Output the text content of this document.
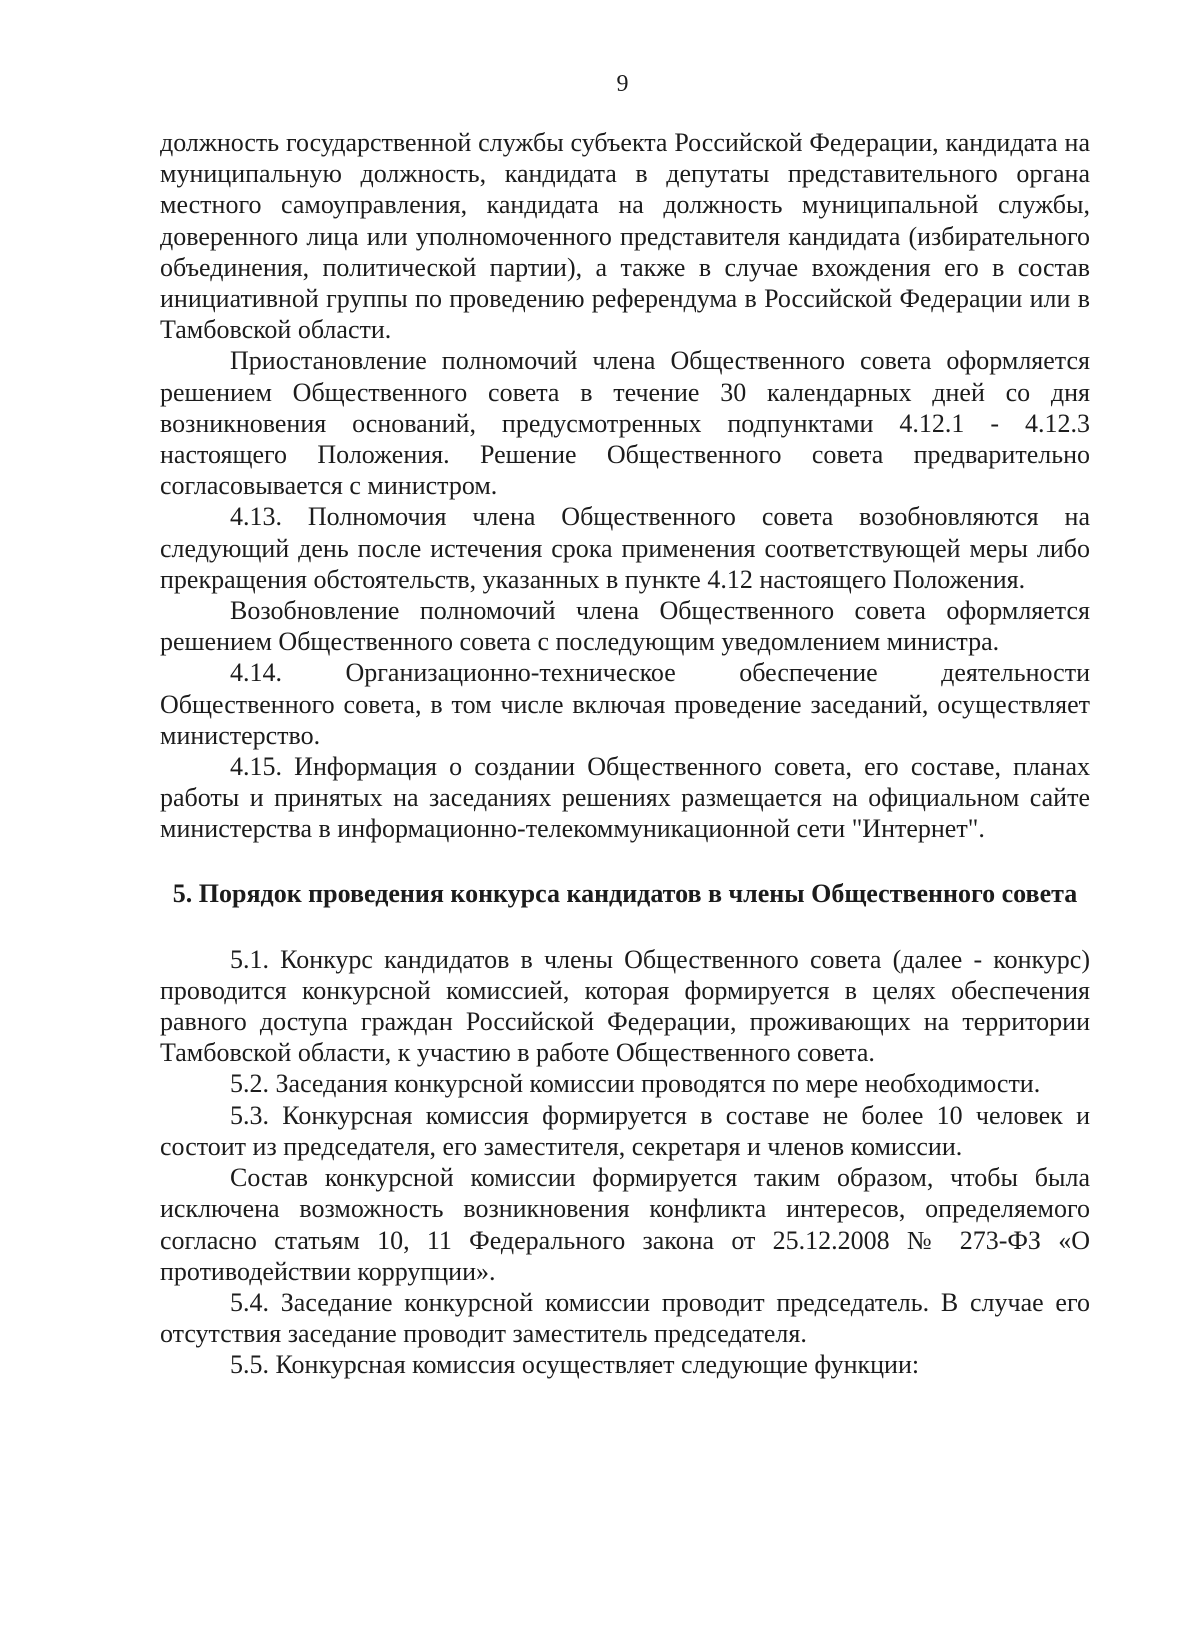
9

должность государственной службы субъекта Российской Федерации, кандидата на муниципальную должность, кандидата в депутаты представительного органа местного самоуправления, кандидата на должность муниципальной службы, доверенного лица или уполномоченного представителя кандидата (избирательного объединения, политической партии), а также в случае вхождения его в состав инициативной группы по проведению референдума в Российской Федерации или в Тамбовской области.

Приостановление полномочий члена Общественного совета оформляется решением Общественного совета в течение 30 календарных дней со дня возникновения оснований, предусмотренных подпунктами 4.12.1 - 4.12.3 настоящего Положения. Решение Общественного совета предварительно согласовывается с министром.

4.13. Полномочия члена Общественного совета возобновляются на следующий день после истечения срока применения соответствующей меры либо прекращения обстоятельств, указанных в пункте 4.12 настоящего Положения.

Возобновление полномочий члена Общественного совета оформляется решением Общественного совета с последующим уведомлением министра.

4.14. Организационно-техническое обеспечение деятельности Общественного совета, в том числе включая проведение заседаний, осуществляет министерство.

4.15. Информация о создании Общественного совета, его составе, планах работы и принятых на заседаниях решениях размещается на официальном сайте министерства в информационно-телекоммуникационной сети "Интернет".

5. Порядок проведения конкурса кандидатов в члены Общественного совета

5.1. Конкурс кандидатов в члены Общественного совета (далее - конкурс) проводится конкурсной комиссией, которая формируется в целях обеспечения равного доступа граждан Российской Федерации, проживающих на территории Тамбовской области, к участию в работе Общественного совета.

5.2. Заседания конкурсной комиссии проводятся по мере необходимости.

5.3. Конкурсная комиссия формируется в составе не более 10 человек и состоит из председателя, его заместителя, секретаря и членов комиссии.

Состав конкурсной комиссии формируется таким образом, чтобы была исключена возможность возникновения конфликта интересов, определяемого согласно статьям 10, 11 Федерального закона от 25.12.2008 № 273-ФЗ «О противодействии коррупции».

5.4. Заседание конкурсной комиссии проводит председатель. В случае его отсутствия заседание проводит заместитель председателя.

5.5. Конкурсная комиссия осуществляет следующие функции:
